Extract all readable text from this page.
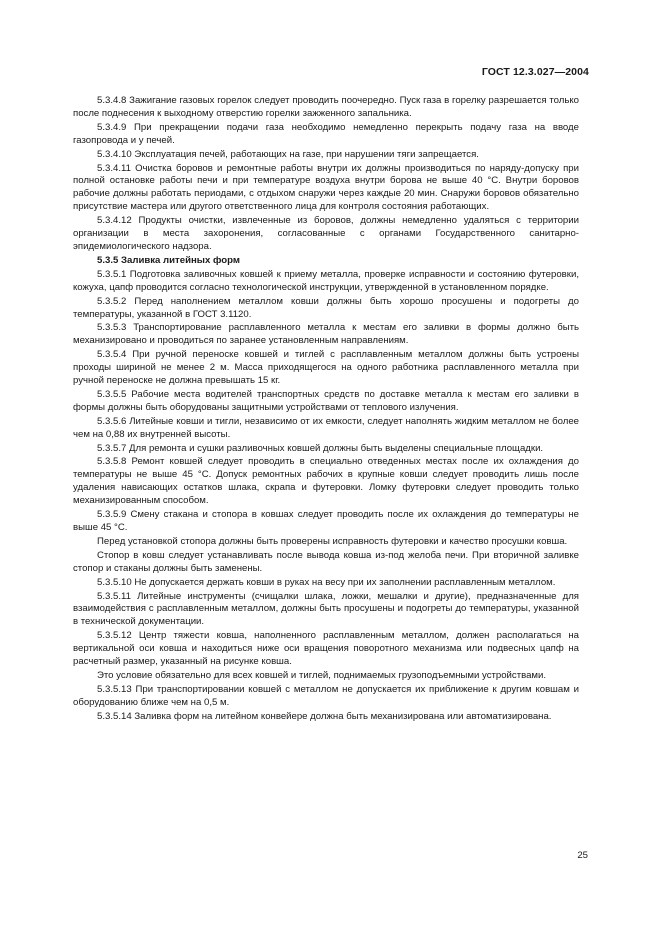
ГОСТ 12.3.027—2004

5.3.4.8 Зажигание газовых горелок следует проводить поочередно. Пуск газа в горелку разрешается только после поднесения к выходному отверстию горелки зажженного запальника.

5.3.4.9 При прекращении подачи газа необходимо немедленно перекрыть подачу газа на вводе газопровода и у печей.

5.3.4.10 Эксплуатация печей, работающих на газе, при нарушении тяги запрещается.

5.3.4.11 Очистка боровов и ремонтные работы внутри их должны производиться по наряду-допуску при полной остановке работы печи и при температуре воздуха внутри борова не выше 40 °С. Внутри боровов рабочие должны работать периодами, с отдыхом снаружи через каждые 20 мин. Снаружи боровов обязательно присутствие мастера или другого ответственного лица для контроля состояния работающих.

5.3.4.12 Продукты очистки, извлеченные из боровов, должны немедленно удаляться с территории организации в места захоронения, согласованные с органами Государственного санитарно-эпидемиологического надзора.

5.3.5 Заливка литейных форм

5.3.5.1 Подготовка заливочных ковшей к приему металла, проверке исправности и состоянию футеровки, кожуха, цапф проводится согласно технологической инструкции, утвержденной в установленном порядке.

5.3.5.2 Перед наполнением металлом ковши должны быть хорошо просушены и подогреты до температуры, указанной в ГОСТ 3.1120.

5.3.5.3 Транспортирование расплавленного металла к местам его заливки в формы должно быть механизировано и проводиться по заранее установленным направлениям.

5.3.5.4 При ручной переноске ковшей и тиглей с расплавленным металлом должны быть устроены проходы шириной не менее 2 м. Масса приходящегося на одного работника расплавленного металла при ручной переноске не должна превышать 15 кг.

5.3.5.5 Рабочие места водителей транспортных средств по доставке металла к местам его заливки в формы должны быть оборудованы защитными устройствами от теплового излучения.

5.3.5.6 Литейные ковши и тигли, независимо от их емкости, следует наполнять жидким металлом не более чем на 0,88 их внутренней высоты.

5.3.5.7 Для ремонта и сушки разливочных ковшей должны быть выделены специальные площадки.

5.3.5.8 Ремонт ковшей следует проводить в специально отведенных местах после их охлаждения до температуры не выше 45 °С. Допуск ремонтных рабочих в крупные ковши следует проводить лишь после удаления нависающих остатков шлака, скрапа и футеровки. Ломку футеровки следует проводить только механизированным способом.

5.3.5.9 Смену стакана и стопора в ковшах следует проводить после их охлаждения до температуры не выше 45 °С.

Перед установкой стопора должны быть проверены исправность футеровки и качество просушки ковша.

Стопор в ковш следует устанавливать после вывода ковша из-под желоба печи. При вторичной заливке стопор и стаканы должны быть заменены.

5.3.5.10 Не допускается держать ковши в руках на весу при их заполнении расплавленным металлом.

5.3.5.11 Литейные инструменты (счищалки шлака, ложки, мешалки и другие), предназначенные для взаимодействия с расплавленным металлом, должны быть просушены и подогреты до температуры, указанной в технической документации.

5.3.5.12 Центр тяжести ковша, наполненного расплавленным металлом, должен располагаться на вертикальной оси ковша и находиться ниже оси вращения поворотного механизма или подвесных цапф на расчетный размер, указанный на рисунке ковша.

Это условие обязательно для всех ковшей и тиглей, поднимаемых грузоподъемными устройствами.

5.3.5.13 При транспортировании ковшей с металлом не допускается их приближение к другим ковшам и оборудованию ближе чем на 0,5 м.

5.3.5.14 Заливка форм на литейном конвейере должна быть механизирована или автоматизирована.

25
